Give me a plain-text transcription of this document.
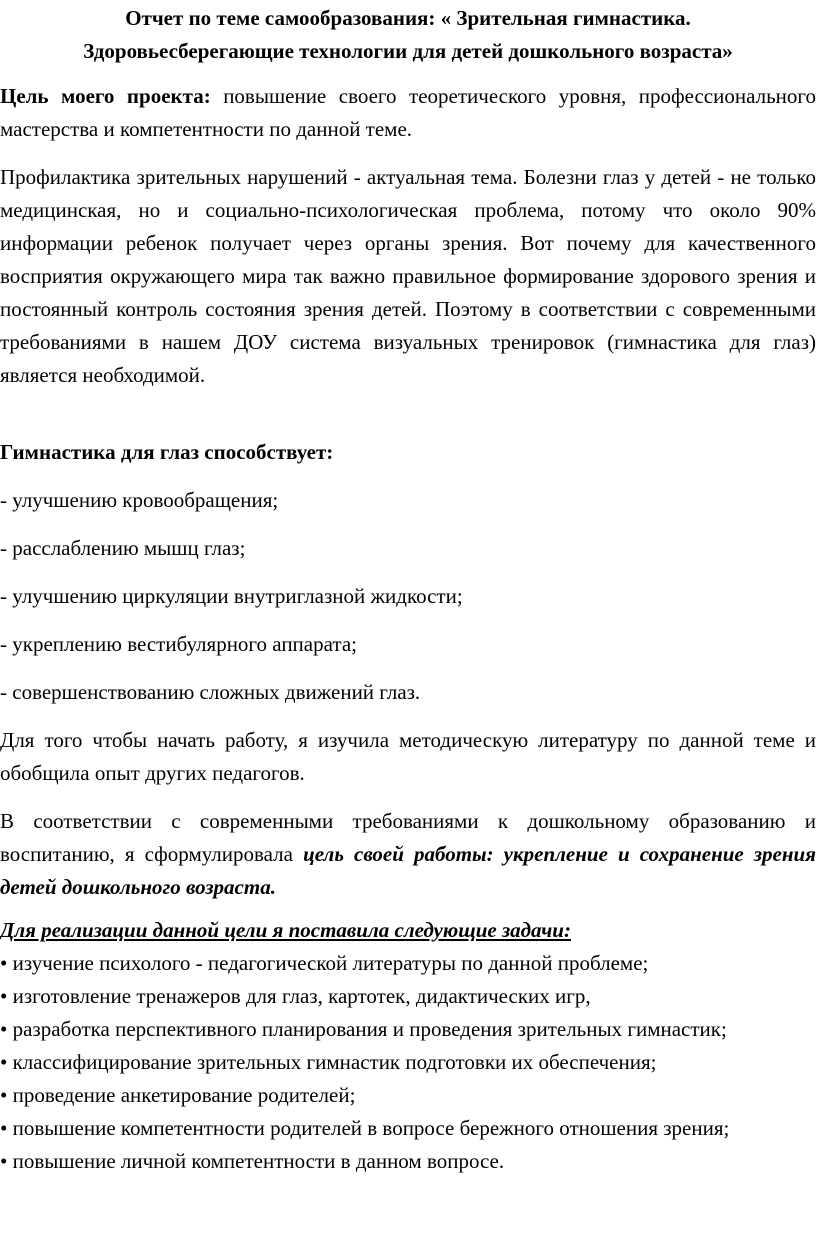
Отчет по теме самообразования: « Зрительная гимнастика.
Здоровьесберегающие технологии для детей дошкольного возраста»

Цель моего проекта: повышение своего теоретического уровня, профессионального мастерства и компетентности по данной теме.

Профилактика зрительных нарушений - актуальная тема. Болезни глаз у детей - не только медицинская, но и социально-психологическая проблема, потому что около 90% информации ребенок получает через органы зрения. Вот почему для качественного восприятия окружающего мира так важно правильное формирование здорового зрения и постоянный контроль состояния зрения детей. Поэтому в соответствии с современными требованиями в нашем ДОУ система визуальных тренировок (гимнастика для глаз) является необходимой.

Гимнастика для глаз способствует:

- улучшению кровообращения;

- расслаблению мышц глаз;

- улучшению циркуляции внутриглазной жидкости;

- укреплению вестибулярного аппарата;

- совершенствованию сложных движений глаз.

Для того чтобы начать работу, я изучила методическую литературу по данной теме и обобщила опыт других педагогов.

В соответствии с современными требованиями к дошкольному образованию и воспитанию, я сформулировала цель своей работы: укрепление и сохранение зрения детей дошкольного возраста.

Для реализации данной цели я поставила следующие задачи:

• изучение психолого - педагогической литературы по данной проблеме;
• изготовление тренажеров для глаз, картотек, дидактических игр,
• разработка перспективного планирования и проведения зрительных гимнастик;
• классифицирование зрительных гимнастик подготовки их обеспечения;
• проведение анкетирование родителей;
• повышение компетентности родителей в вопросе бережного отношения зрения;
• повышение личной компетентности в данном вопросе.
